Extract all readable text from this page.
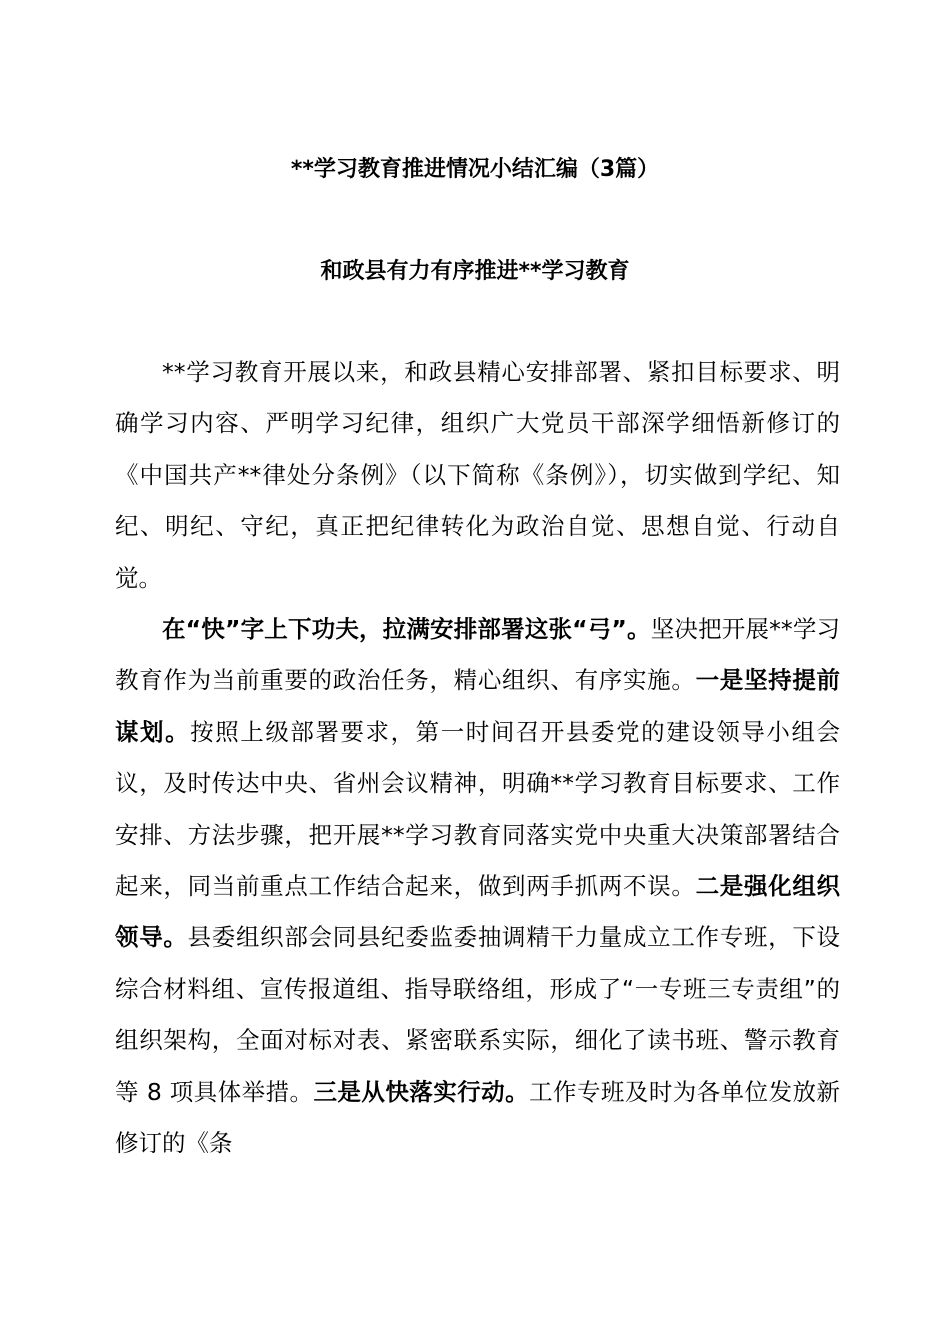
**学习教育推进情况小结汇编（3篇）
和政县有力有序推进**学习教育

**学习教育开展以来，和政县精心安排部署、紧扣目标要求、明确学习内容、严明学习纪律，组织广大党员干部深学细悟新修订的《中国共产**律处分条例》（以下简称《条例》），切实做到学纪、知纪、明纪、守纪，真正把纪律转化为政治自觉、思想自觉、行动自觉。

在“快”字上下功夫，拉满安排部署这张“弓”。坚决把开展**学习教育作为当前重要的政治任务，精心组织、有序实施。一是坚持提前谋划。按照上级部署要求，第一时间召开县委党的建设领导小组会议，及时传达中央、省州会议精神，明确**学习教育目标要求、工作安排、方法步骤，把开展**学习教育同落实党中央重大决策部署结合起来，同当前重点工作结合起来，做到两手抓两不误。二是强化组织领导。县委组织部会同县纪委监委抽调精干力量成立工作专班，下设综合材料组、宣传报道组、指导联络组，形成了“一专班三专责组”的组织架构，全面对标对表、紧密联系实际，细化了读书班、警示教育等 8 项具体举措。三是从快落实行动。工作专班及时为各单位发放新修订的《条
